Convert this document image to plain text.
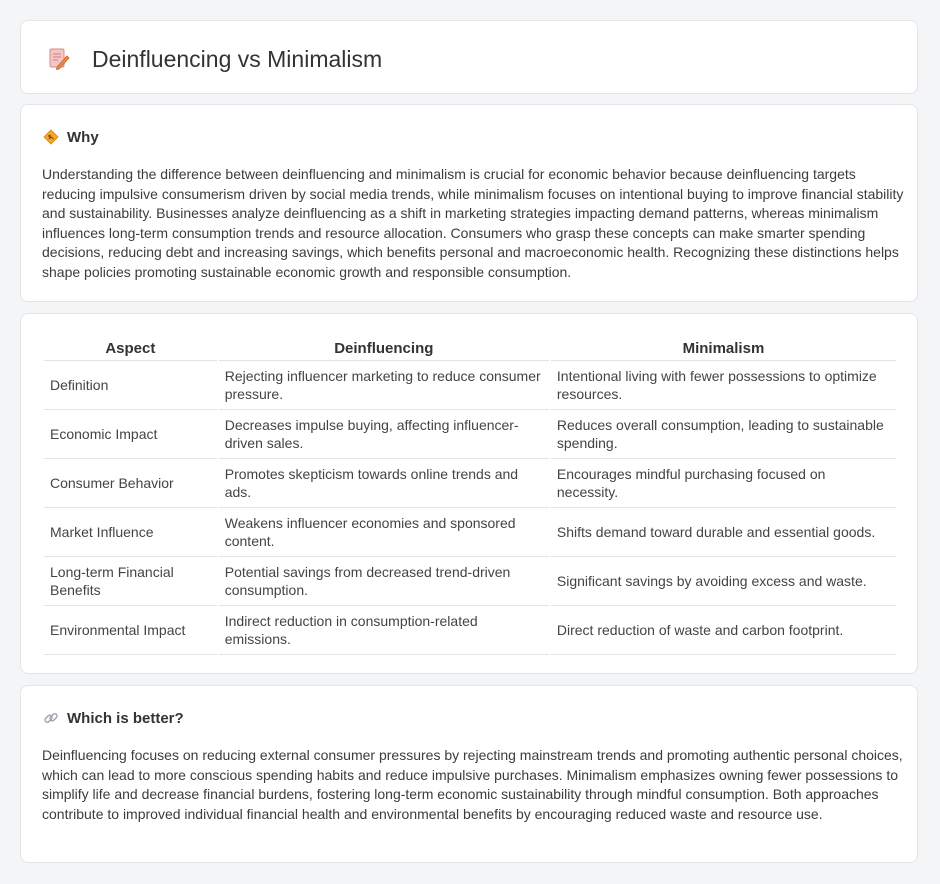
Deinfluencing vs Minimalism
Why
Understanding the difference between deinfluencing and minimalism is crucial for economic behavior because deinfluencing targets reducing impulsive consumerism driven by social media trends, while minimalism focuses on intentional buying to improve financial stability and sustainability. Businesses analyze deinfluencing as a shift in marketing strategies impacting demand patterns, whereas minimalism influences long-term consumption trends and resource allocation. Consumers who grasp these concepts can make smarter spending decisions, reducing debt and increasing savings, which benefits personal and macroeconomic health. Recognizing these distinctions helps shape policies promoting sustainable economic growth and responsible consumption.
Aspect	Deinfluencing	Minimalism
Definition	Rejecting influencer marketing to reduce consumer pressure.	Intentional living with fewer possessions to optimize resources.
Economic Impact	Decreases impulse buying, affecting influencer-driven sales.	Reduces overall consumption, leading to sustainable spending.
Consumer Behavior	Promotes skepticism towards online trends and ads.	Encourages mindful purchasing focused on necessity.
Market Influence	Weakens influencer economies and sponsored content.	Shifts demand toward durable and essential goods.
Long-term Financial Benefits	Potential savings from decreased trend-driven consumption.	Significant savings by avoiding excess and waste.
Environmental Impact	Indirect reduction in consumption-related emissions.	Direct reduction of waste and carbon footprint.
Which is better?
Deinfluencing focuses on reducing external consumer pressures by rejecting mainstream trends and promoting authentic personal choices, which can lead to more conscious spending habits and reduce impulsive purchases. Minimalism emphasizes owning fewer possessions to simplify life and decrease financial burdens, fostering long-term economic sustainability through mindful consumption. Both approaches contribute to improved individual financial health and environmental benefits by encouraging reduced waste and resource use.
